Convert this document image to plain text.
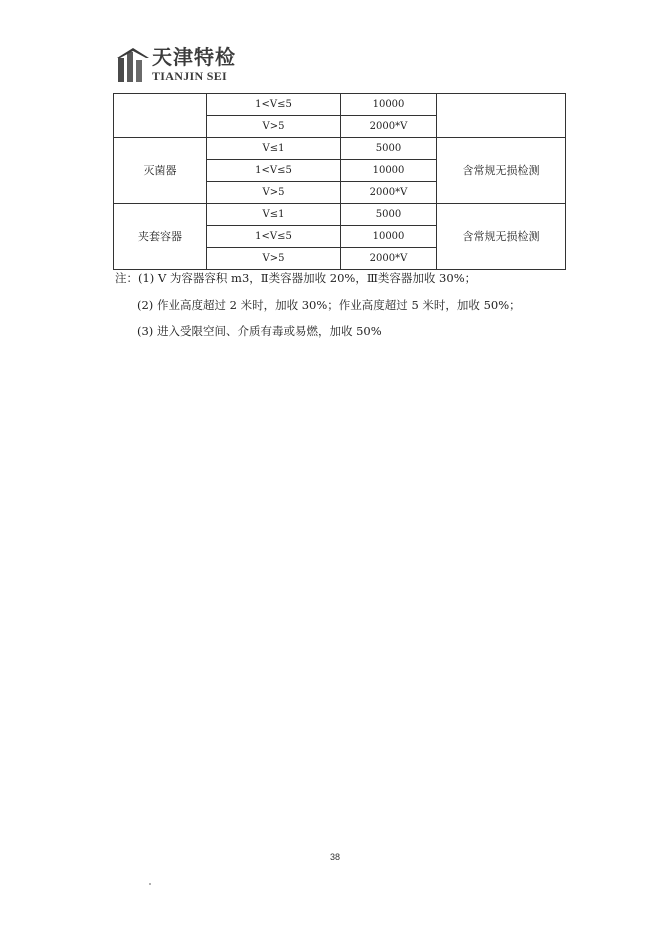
天津特检
TIANJIN SEI
	1<V≤5	10000	
	V>5	2000*V	
灭菌器	V≤1	5000	含常规无损检测
	1<V≤5	10000	
	V>5	2000*V	
夹套容器	V≤1	5000	含常规无损检测
	1<V≤5	10000	
	V>5	2000*V	
注：(1) V 为容器容积 m3，Ⅱ类容器加收 20%，Ⅲ类容器加收 30%；
(2) 作业高度超过 2 米时，加收 30%；作业高度超过 5 米时，加收 50%；
(3) 进入受限空间、介质有毒或易燃，加收 50%
38
